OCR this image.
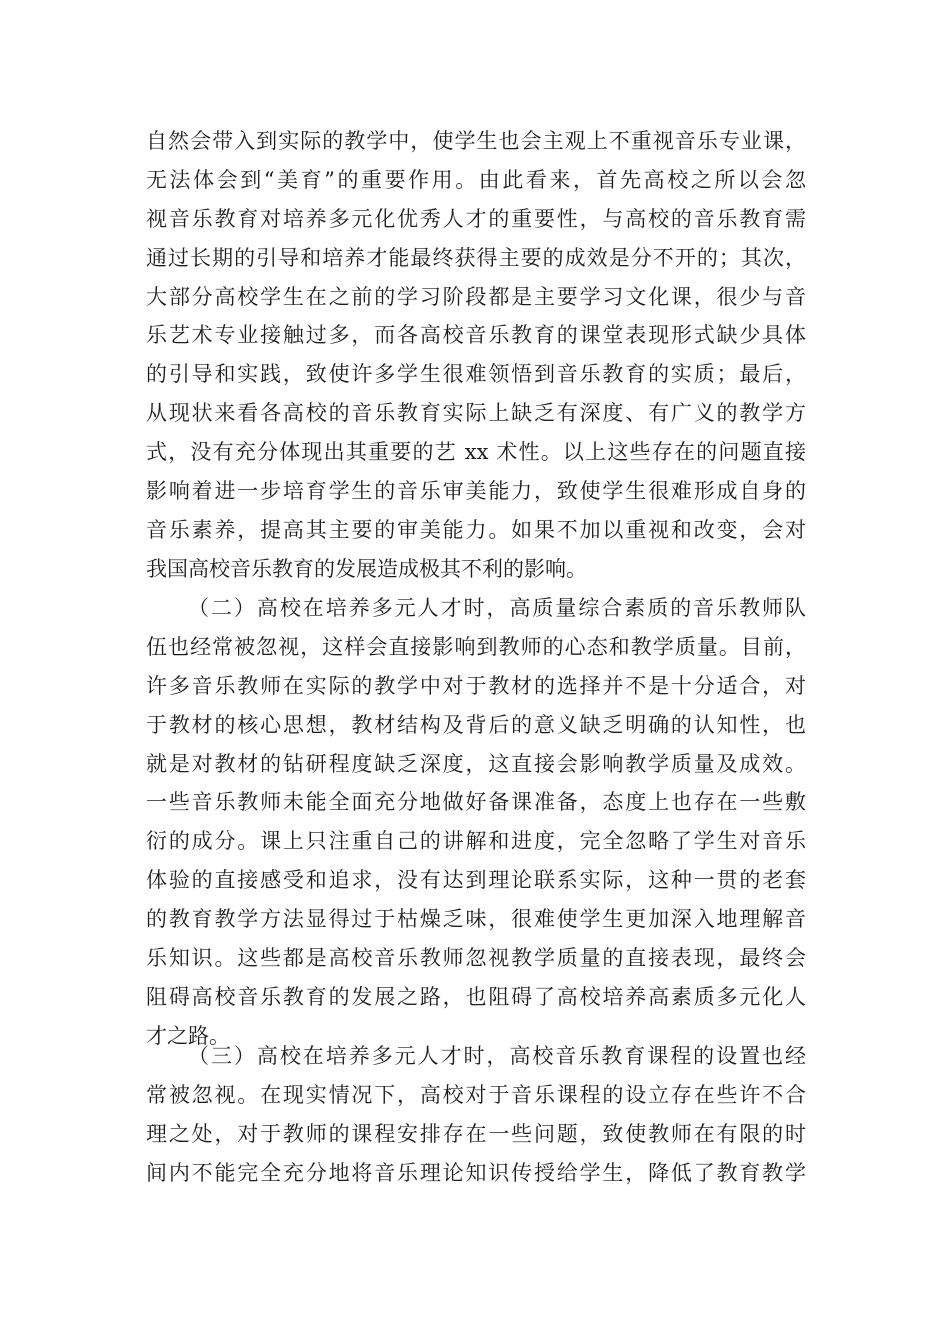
自然会带入到实际的教学中，使学生也会主观上不重视音乐专业课，
无法体会到“美育”的重要作用。由此看来，首先高校之所以会忽
视音乐教育对培养多元化优秀人才的重要性，与高校的音乐教育需
通过长期的引导和培养才能最终获得主要的成效是分不开的；其次，
大部分高校学生在之前的学习阶段都是主要学习文化课，很少与音
乐艺术专业接触过多，而各高校音乐教育的课堂表现形式缺少具体
的引导和实践，致使许多学生很难领悟到音乐教育的实质；最后，
从现状来看各高校的音乐教育实际上缺乏有深度、有广义的教学方
式，没有充分体现出其重要的艺 xx 术性。以上这些存在的问题直接
影响着进一步培育学生的音乐审美能力，致使学生很难形成自身的
音乐素养，提高其主要的审美能力。如果不加以重视和改变，会对
我国高校音乐教育的发展造成极其不利的影响。
（二）高校在培养多元人才时，高质量综合素质的音乐教师队
伍也经常被忽视，这样会直接影响到教师的心态和教学质量。目前，
许多音乐教师在实际的教学中对于教材的选择并不是十分适合，对
于教材的核心思想，教材结构及背后的意义缺乏明确的认知性，也
就是对教材的钻研程度缺乏深度，这直接会影响教学质量及成效。
一些音乐教师未能全面充分地做好备课准备，态度上也存在一些敷
衍的成分。课上只注重自己的讲解和进度，完全忽略了学生对音乐
体验的直接感受和追求，没有达到理论联系实际，这种一贯的老套
的教育教学方法显得过于枯燥乏味，很难使学生更加深入地理解音
乐知识。这些都是高校音乐教师忽视教学质量的直接表现，最终会
阻碍高校音乐教育的发展之路，也阻碍了高校培养高素质多元化人
才之路。
（三）高校在培养多元人才时，高校音乐教育课程的设置也经
常被忽视。在现实情况下，高校对于音乐课程的设立存在些许不合
理之处，对于教师的课程安排存在一些问题，致使教师在有限的时
间内不能完全充分地将音乐理论知识传授给学生，降低了教育教学
